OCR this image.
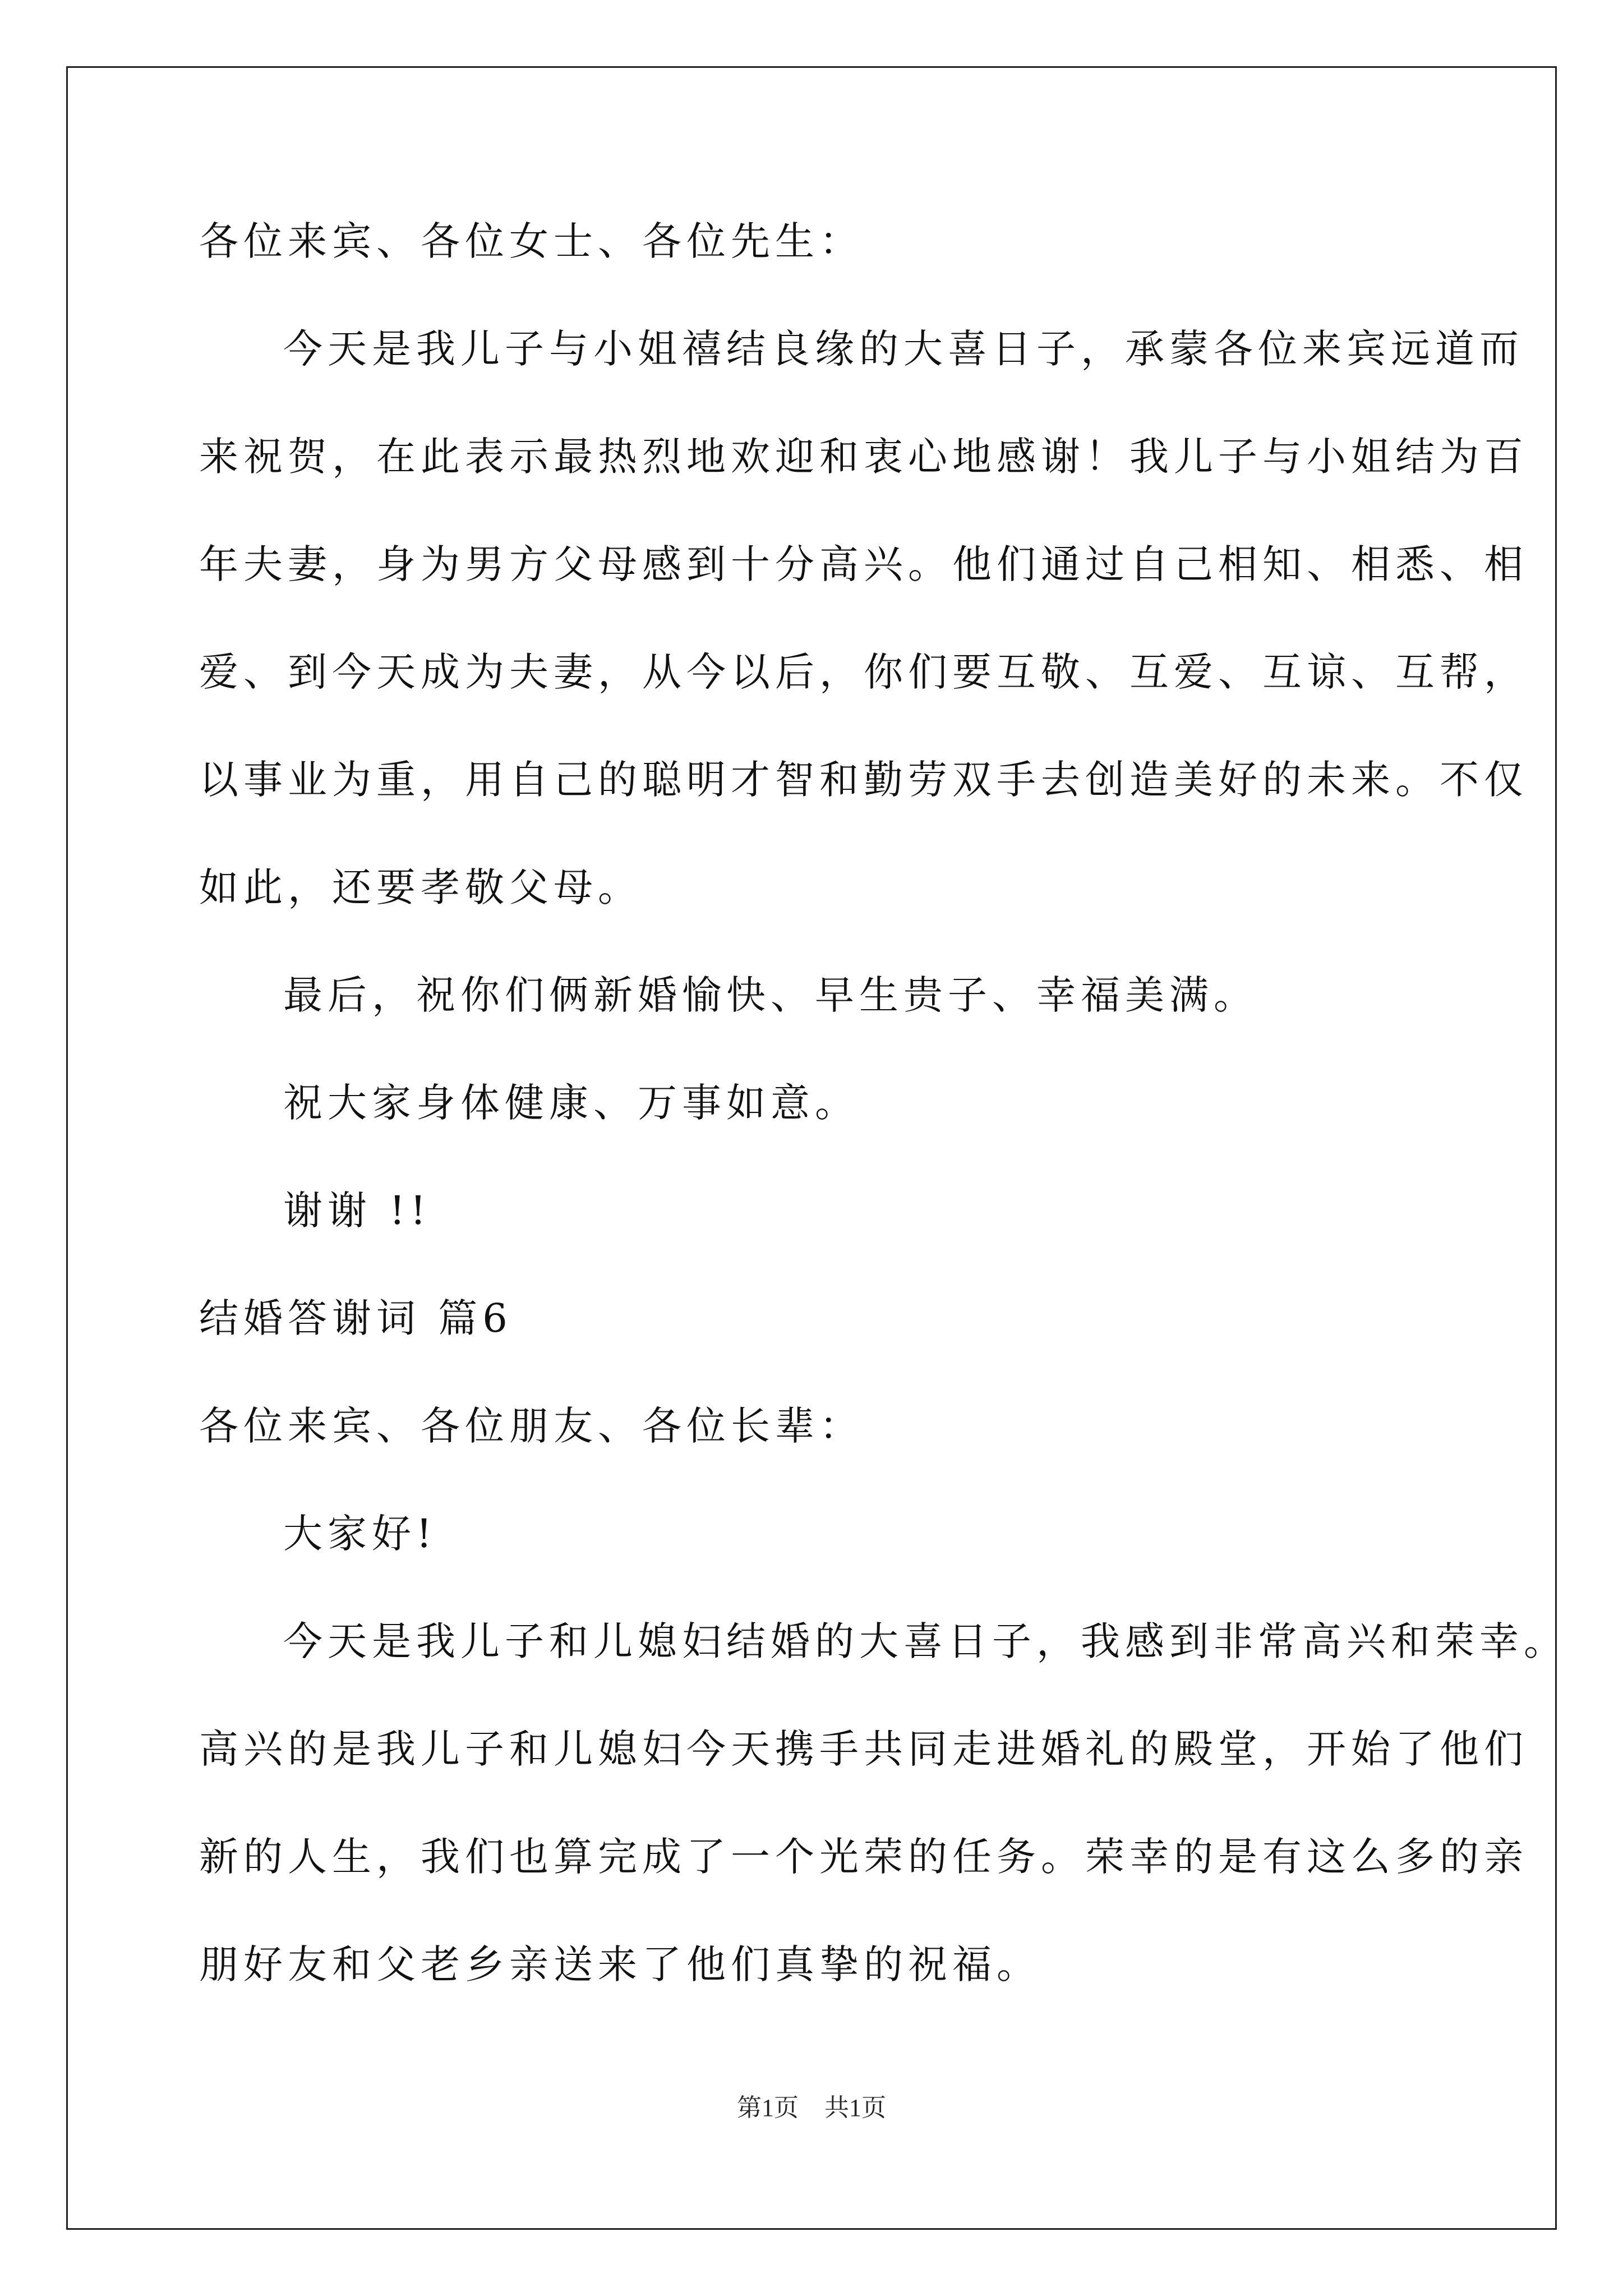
各位来宾、各位女士、各位先生：
今天是我儿子与小姐禧结良缘的大喜日子，承蒙各位来宾远道而
来祝贺，在此表示最热烈地欢迎和衷心地感谢！我儿子与小姐结为百
年夫妻，身为男方父母感到十分高兴。他们通过自己相知、相悉、相
爱、到今天成为夫妻，从今以后，你们要互敬、互爱、互谅、互帮，
以事业为重，用自己的聪明才智和勤劳双手去创造美好的未来。不仅
如此，还要孝敬父母。
最后，祝你们俩新婚愉快、早生贵子、幸福美满。
祝大家身体健康、万事如意。
谢谢 !!
结婚答谢词 篇6
各位来宾、各位朋友、各位长辈：
大家好!
今天是我儿子和儿媳妇结婚的大喜日子，我感到非常高兴和荣幸。
高兴的是我儿子和儿媳妇今天携手共同走进婚礼的殿堂，开始了他们
新的人生，我们也算完成了一个光荣的任务。荣幸的是有这么多的亲
朋好友和父老乡亲送来了他们真挚的祝福。
第1页 共1页
